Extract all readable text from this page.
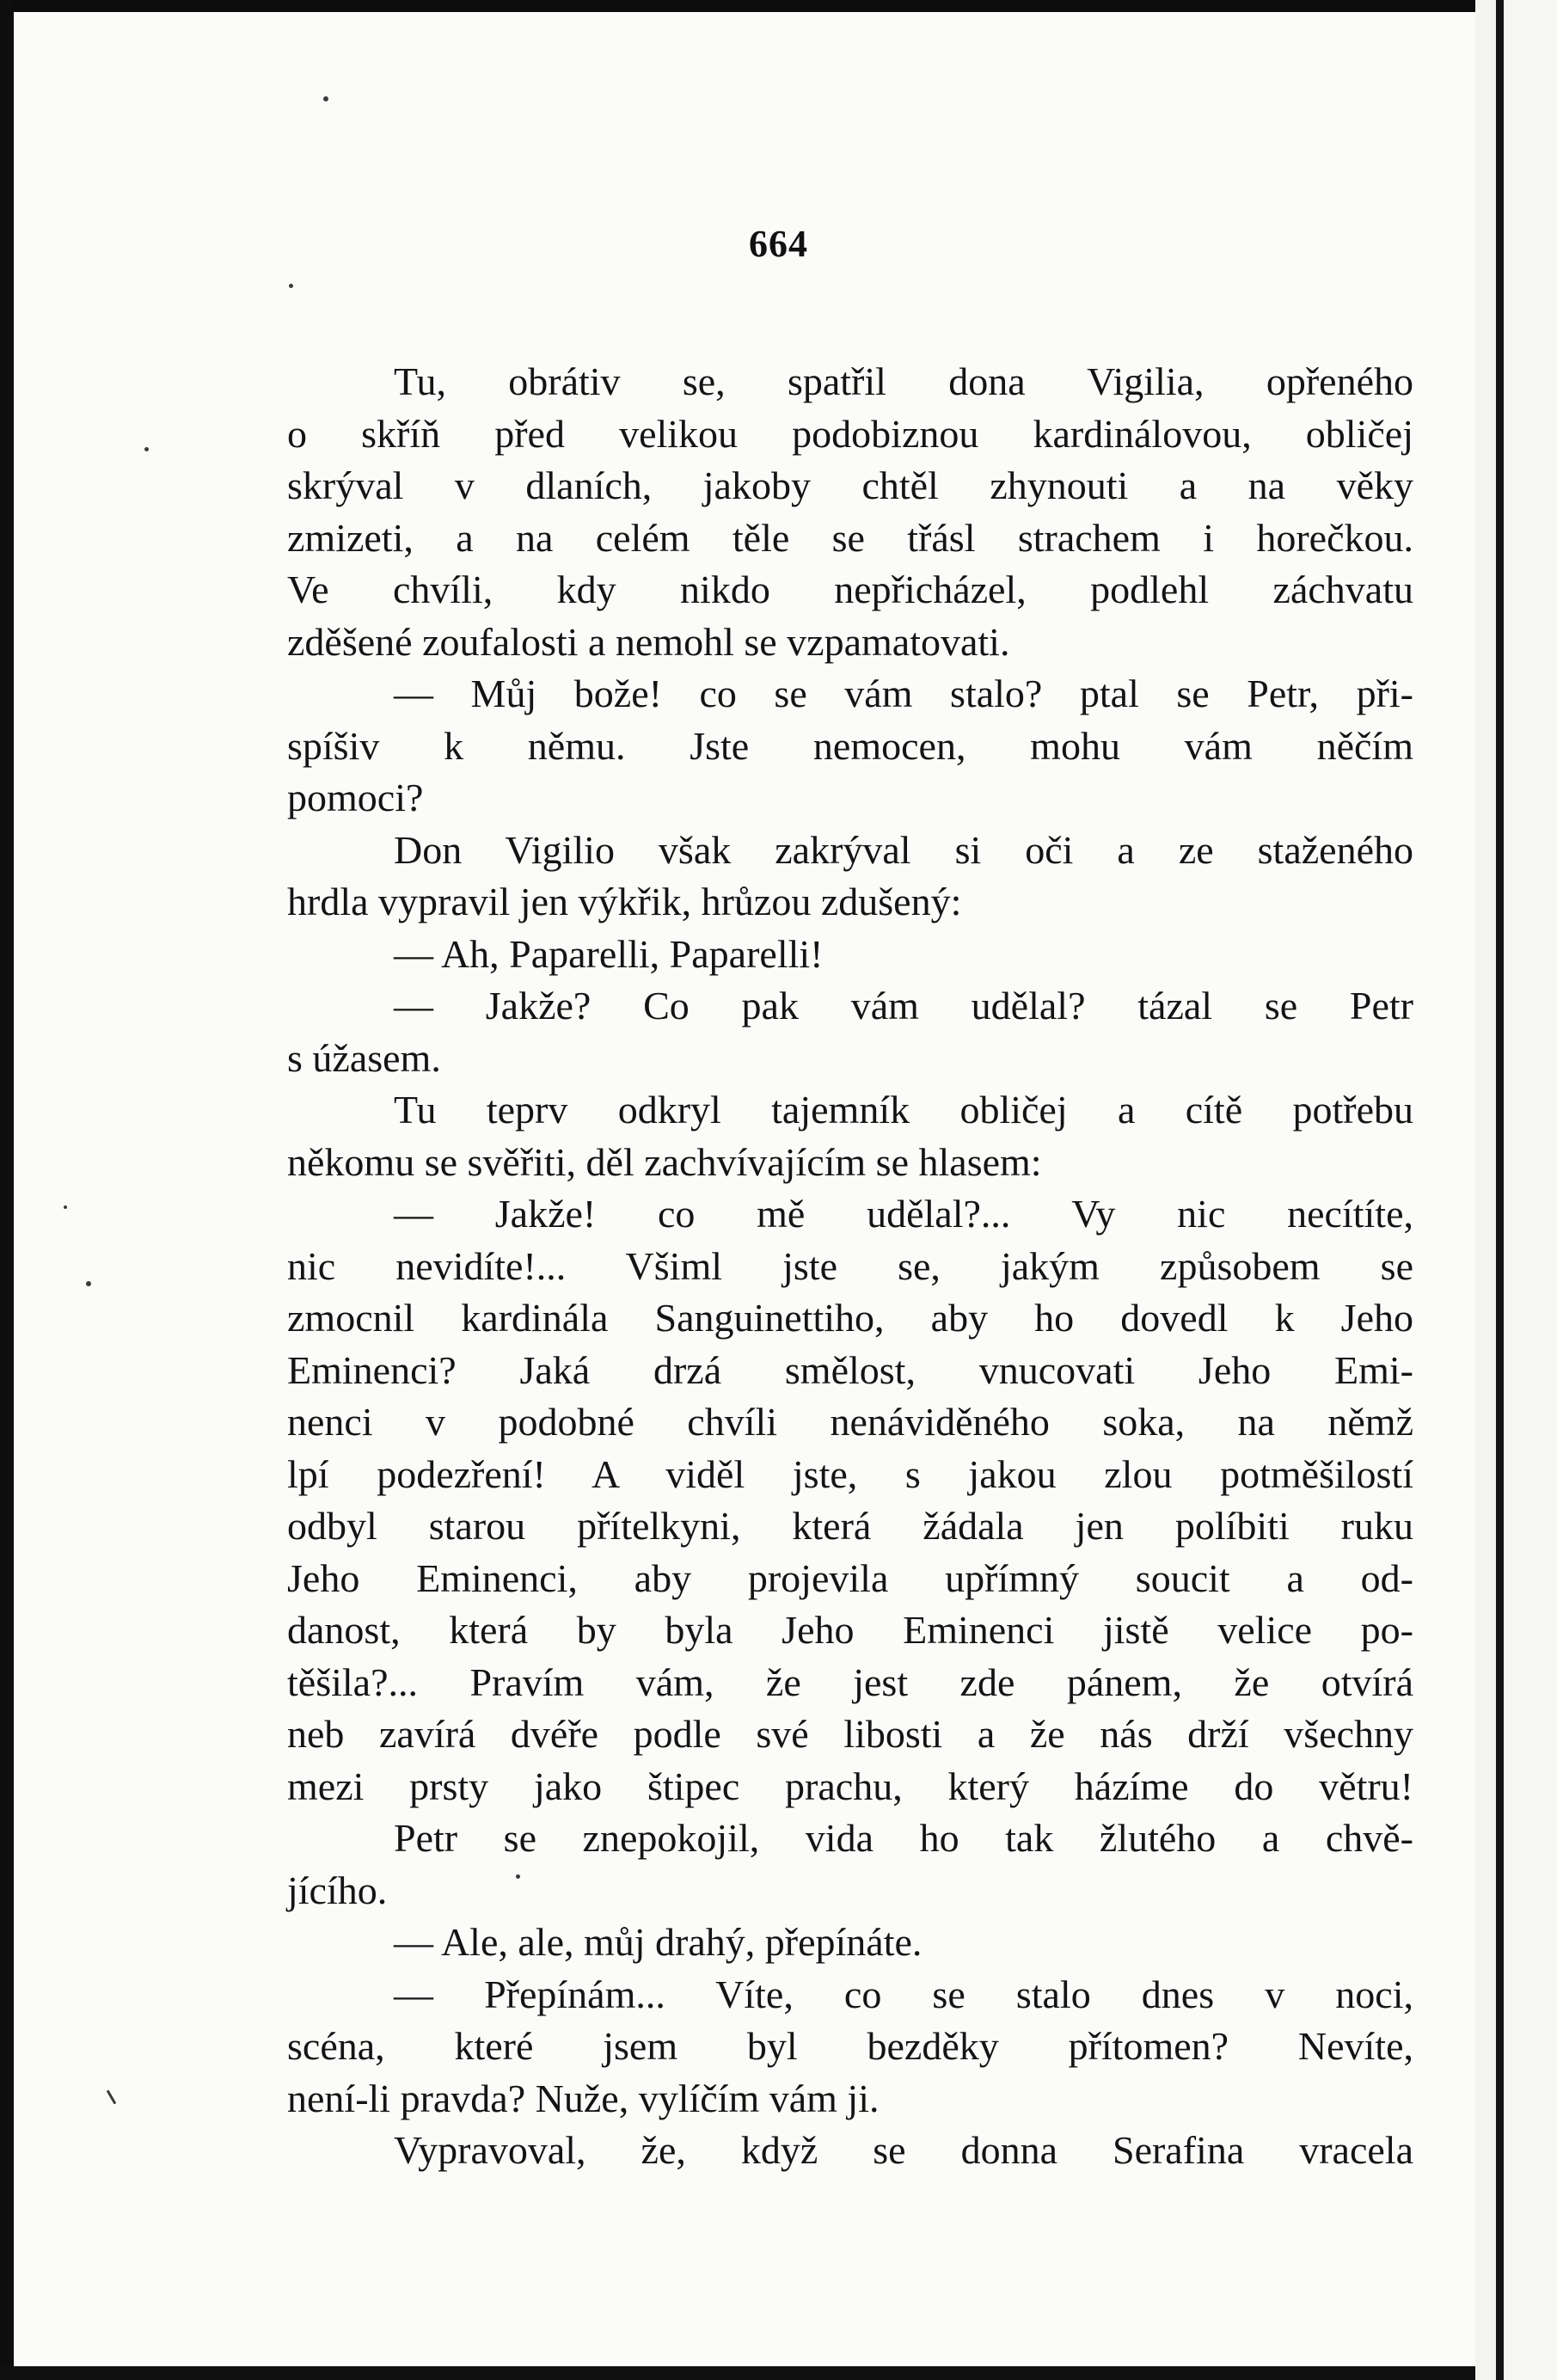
664
Tu, obrátiv se, spatřil dona Vigilia, opřeného
o skříň před velikou podobiznou kardinálovou, obličej
skrýval v dlaních, jakoby chtěl zhynouti a na věky
zmizeti, a na celém těle se třásl strachem i horečkou.
Ve chvíli, kdy nikdo nepřicházel, podlehl záchvatu
zděšené zoufalosti a nemohl se vzpamatovati.
— Můj bože! co se vám stalo? ptal se Petr, při-
spíšiv k němu. Jste nemocen, mohu vám něčím
pomoci?
Don Vigilio však zakrýval si oči a ze staženého
hrdla vypravil jen výkřik, hrůzou zdušený:
— Ah, Paparelli, Paparelli!
— Jakže? Co pak vám udělal? tázal se Petr
s úžasem.
Tu teprv odkryl tajemník obličej a cítě potřebu
někomu se svěřiti, děl zachvívajícím se hlasem:
— Jakže! co mě udělal?... Vy nic necítíte,
nic nevidíte!... Všiml jste se, jakým způsobem se
zmocnil kardinála Sanguinettiho, aby ho dovedl k Jeho
Eminenci? Jaká drzá smělost, vnucovati Jeho Emi-
nenci v podobné chvíli nenáviděného soka, na němž
lpí podezření! A viděl jste, s jakou zlou potměšilostí
odbyl starou přítelkyni, která žádala jen políbiti ruku
Jeho Eminenci, aby projevila upřímný soucit a od-
danost, která by byla Jeho Eminenci jistě velice po-
těšila?... Pravím vám, že jest zde pánem, že otvírá
neb zavírá dvéře podle své libosti a že nás drží všechny
mezi prsty jako štipec prachu, který házíme do větru!
Petr se znepokojil, vida ho tak žlutého a chvě-
jícího.
— Ale, ale, můj drahý, přepínáte.
— Přepínám... Víte, co se stalo dnes v noci,
scéna, které jsem byl bezděky přítomen? Nevíte,
není-li pravda? Nuže, vylíčím vám ji.
Vypravoval, že, když se donna Serafina vracela
